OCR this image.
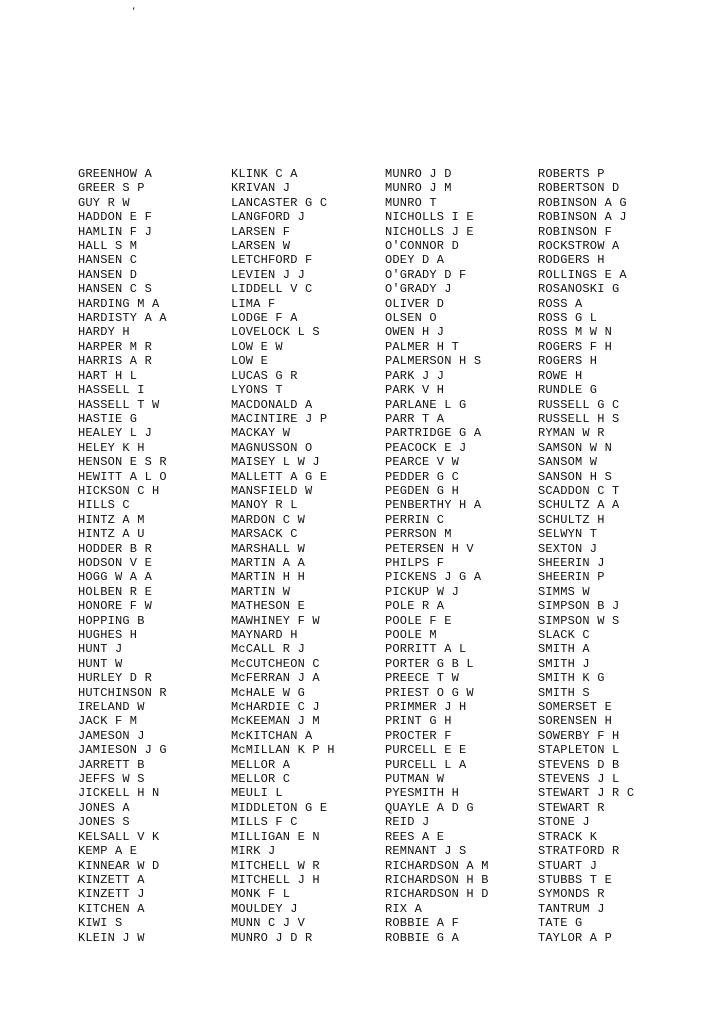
,
GREENHOW A
GREER S P
GUY R W
HADDON E F
HAMLIN F J
HALL S M
HANSEN C
HANSEN D
HANSEN C S
HARDING M A
HARDISTY A A
HARDY H
HARPER M R
HARRIS A R
HART H L
HASSELL I
HASSELL T W
HASTIE G
HEALEY L J
HELEY K H
HENSON E S R
HEWITT A L O
HICKSON C H
HILLS C
HINTZ A M
HINTZ A U
HODDER B R
HODSON V E
HOGG W A A
HOLBEN R E
HONORE F W
HOPPING B
HUGHES H
HUNT J
HUNT W
HURLEY D R
HUTCHINSON R
IRELAND W
JACK F M
JAMESON J
JAMIESON J G
JARRETT B
JEFFS W S
JICKELL H N
JONES A
JONES S
KELSALL V K
KEMP A E
KINNEAR W D
KINZETT A
KINZETT J
KITCHEN A
KIWI S
KLEIN J W
KLINK C A
KRIVAN J
LANCASTER G C
LANGFORD J
LARSEN F
LARSEN W
LETCHFORD F
LEVIEN J J
LIDDELL V C
LIMA F
LODGE F A
LOVELOCK L S
LOW E W
LOW E
LUCAS G R
LYONS T
MACDONALD A
MACINTIRE J P
MACKAY W
MAGNUSSON O
MAISEY L W J
MALLETT A G E
MANSFIELD W
MANOY R L
MARDON C W
MARSACK C
MARSHALL W
MARTIN A A
MARTIN H H
MARTIN W
MATHESON E
MAWHINEY F W
MAYNARD H
McCALL R J
McCUTCHEON C
McFERRAN J A
McHALE W G
McHARDIE C J
McKEEMAN J M
McKITCHAN A
McMILLAN K P H
MELLOR A
MELLOR C
MEULI L
MIDDLETON G E
MILLS F C
MILLIGAN E N
MIRK J
MITCHELL W R
MITCHELL J H
MONK F L
MOULDEY J
MUNN C J V
MUNRO J D R
MUNRO J D
MUNRO J M
MUNRO T
NICHOLLS I E
NICHOLLS J E
O'CONNOR D
ODEY D A
O'GRADY D F
O'GRADY J
OLIVER D
OLSEN O
OWEN H J
PALMER H T
PALMERSON H S
PARK J J
PARK V H
PARLANE L G
PARR T A
PARTRIDGE G A
PEACOCK E J
PEARCE V W
PEDDER G C
PEGDEN G H
PENBERTHY H A
PERRIN C
PERRSON M
PETERSEN H V
PHILPS F
PICKENS J G A
PICKUP W J
POLE R A
POOLE F E
POOLE M
PORRITT A L
PORTER G B L
PREECE T W
PRIEST O G W
PRIMMER J H
PRINT G H
PROCTER F
PURCELL E E
PURCELL L A
PUTMAN W
PYESMITH H
QUAYLE A D G
REID J
REES A E
REMNANT J S
RICHARDSON A M
RICHARDSON H B
RICHARDSON H D
RIX A
ROBBIE A F
ROBBIE G A
ROBERTS P
ROBERTSON D
ROBINSON A G
ROBINSON A J
ROBINSON F
ROCKSTROW A
RODGERS H
ROLLINGS E A
ROSANOSKI G
ROSS A
ROSS G L
ROSS M W N
ROGERS F H
ROGERS H
ROWE H
RUNDLE G
RUSSELL G C
RUSSELL H S
RYMAN W R
SAMSON W N
SANSOM W
SANSON H S
SCADDON C T
SCHULTZ A A
SCHULTZ H
SELWYN T
SEXTON J
SHEERIN J
SHEERIN P
SIMMS W
SIMPSON B J
SIMPSON W S
SLACK C
SMITH A
SMITH J
SMITH K G
SMITH S
SOMERSET E
SORENSEN H
SOWERBY F H
STAPLETON L
STEVENS D B
STEVENS J L
STEWART J R C
STEWART R
STONE J
STRACK K
STRATFORD R
STUART J
STUBBS T E
SYMONDS R
TANTRUM J
TATE G
TAYLOR A P
